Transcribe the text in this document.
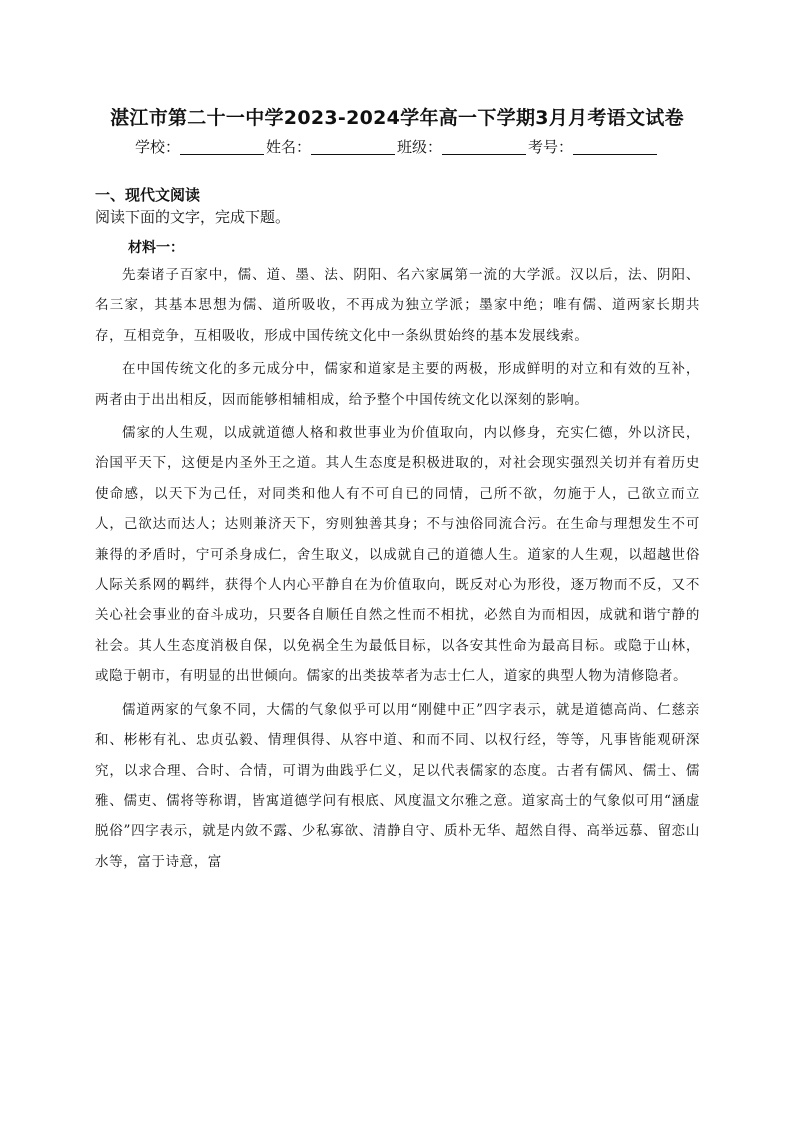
湛江市第二十一中学2023-2024学年高一下学期3月月考语文试卷
学校：	姓名：	班级：	考号：
一、现代文阅读
阅读下面的文字，完成下题。
材料一：

先秦诸子百家中，儒、道、墨、法、阴阳、名六家属第一流的大学派。汉以后，法、阴阳、名三家，其基本思想为儒、道所吸收，不再成为独立学派；墨家中绝；唯有儒、道两家长期共存，互相竞争，互相吸收，形成中国传统文化中一条纵贯始终的基本发展线索。

在中国传统文化的多元成分中，儒家和道家是主要的两极，形成鲜明的对立和有效的互补，两者由于出出相反，因而能够相辅相成，给予整个中国传统文化以深刻的影响。

儒家的人生观，以成就道德人格和救世事业为价值取向，内以修身，充实仁德，外以济民，治国平天下，这便是内圣外王之道。其人生态度是积极进取的，对社会现实强烈关切并有着历史使命感，以天下为己任，对同类和他人有不可自已的同情，己所不欲，勿施于人，己欲立而立人，己欲达而达人；达则兼济天下，穷则独善其身；不与浊俗同流合污。在生命与理想发生不可兼得的矛盾时，宁可杀身成仁，舍生取义，以成就自己的道德人生。道家的人生观，以超越世俗人际关系网的羁绊，获得个人内心平静自在为价值取向，既反对心为形役，逐万物而不反，又不关心社会事业的奋斗成功，只要各自顺任自然之性而不相扰，必然自为而相因，成就和谐宁静的社会。其人生态度消极自保，以免祸全生为最低目标，以各安其性命为最高目标。或隐于山林，或隐于朝市，有明显的出世倾向。儒家的出类拔萃者为志士仁人，道家的典型人物为清修隐者。

儒道两家的气象不同，大儒的气象似乎可以用“刚健中正”四字表示，就是道德高尚、仁慈亲和、彬彬有礼、忠贞弘毅、情理俱得、从容中道、和而不同、以权行经，等等，凡事皆能观研深究，以求合理、合时、合情，可谓为曲践乎仁义，足以代表儒家的态度。古者有儒风、儒士、儒雅、儒吏、儒将等称谓，皆寓道德学问有根底、风度温文尔雅之意。道家高士的气象似可用“涵虚脱俗”四字表示，就是内敛不露、少私寡欲、清静自守、质朴无华、超然自得、高举远慕、留恋山水等，富于诗意，富
